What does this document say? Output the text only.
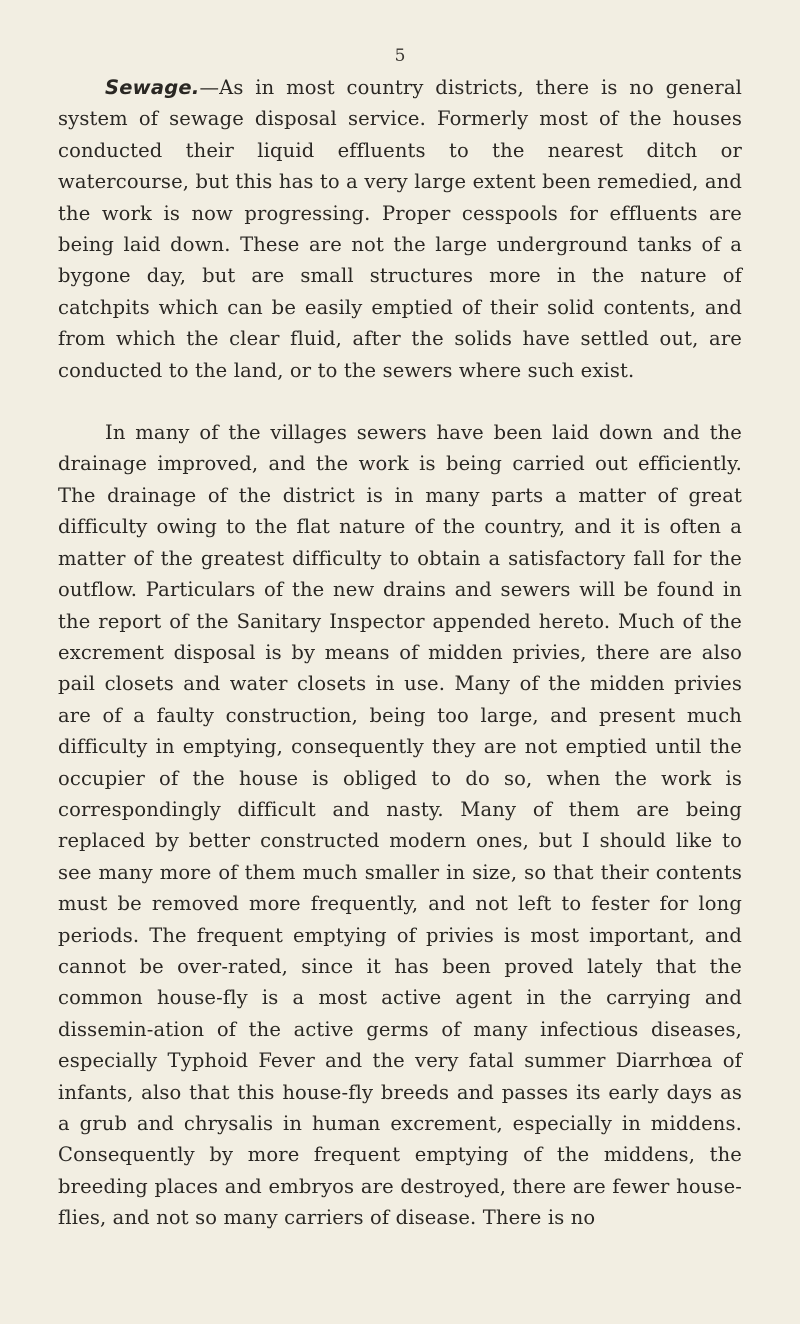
5

Sewage.—As in most country districts, there is no general system of sewage disposal service. Formerly most of the houses conducted their liquid effluents to the nearest ditch or watercourse, but this has to a very large extent been remedied, and the work is now progressing. Proper cesspools for effluents are being laid down. These are not the large underground tanks of a bygone day, but are small structures more in the nature of catchpits which can be easily emptied of their solid contents, and from which the clear fluid, after the solids have settled out, are conducted to the land, or to the sewers where such exist.

In many of the villages sewers have been laid down and the drainage improved, and the work is being carried out efficiently. The drainage of the district is in many parts a matter of great difficulty owing to the flat nature of the country, and it is often a matter of the greatest difficulty to obtain a satisfactory fall for the outflow. Particulars of the new drains and sewers will be found in the report of the Sanitary Inspector appended hereto. Much of the excrement disposal is by means of midden privies, there are also pail closets and water closets in use. Many of the midden privies are of a faulty construction, being too large, and present much difficulty in emptying, consequently they are not emptied until the occupier of the house is obliged to do so, when the work is correspondingly difficult and nasty. Many of them are being replaced by better constructed modern ones, but I should like to see many more of them much smaller in size, so that their contents must be removed more frequently, and not left to fester for long periods. The frequent emptying of privies is most important, and cannot be over-rated, since it has been proved lately that the common house-fly is a most active agent in the carrying and dissemin-ation of the active germs of many infectious diseases, especially Typhoid Fever and the very fatal summer Diarrhœa of infants, also that this house-fly breeds and passes its early days as a grub and chrysalis in human excrement, especially in middens. Consequently by more frequent emptying of the middens, the breeding places and embryos are destroyed, there are fewer house-flies, and not so many carriers of disease. There is no
